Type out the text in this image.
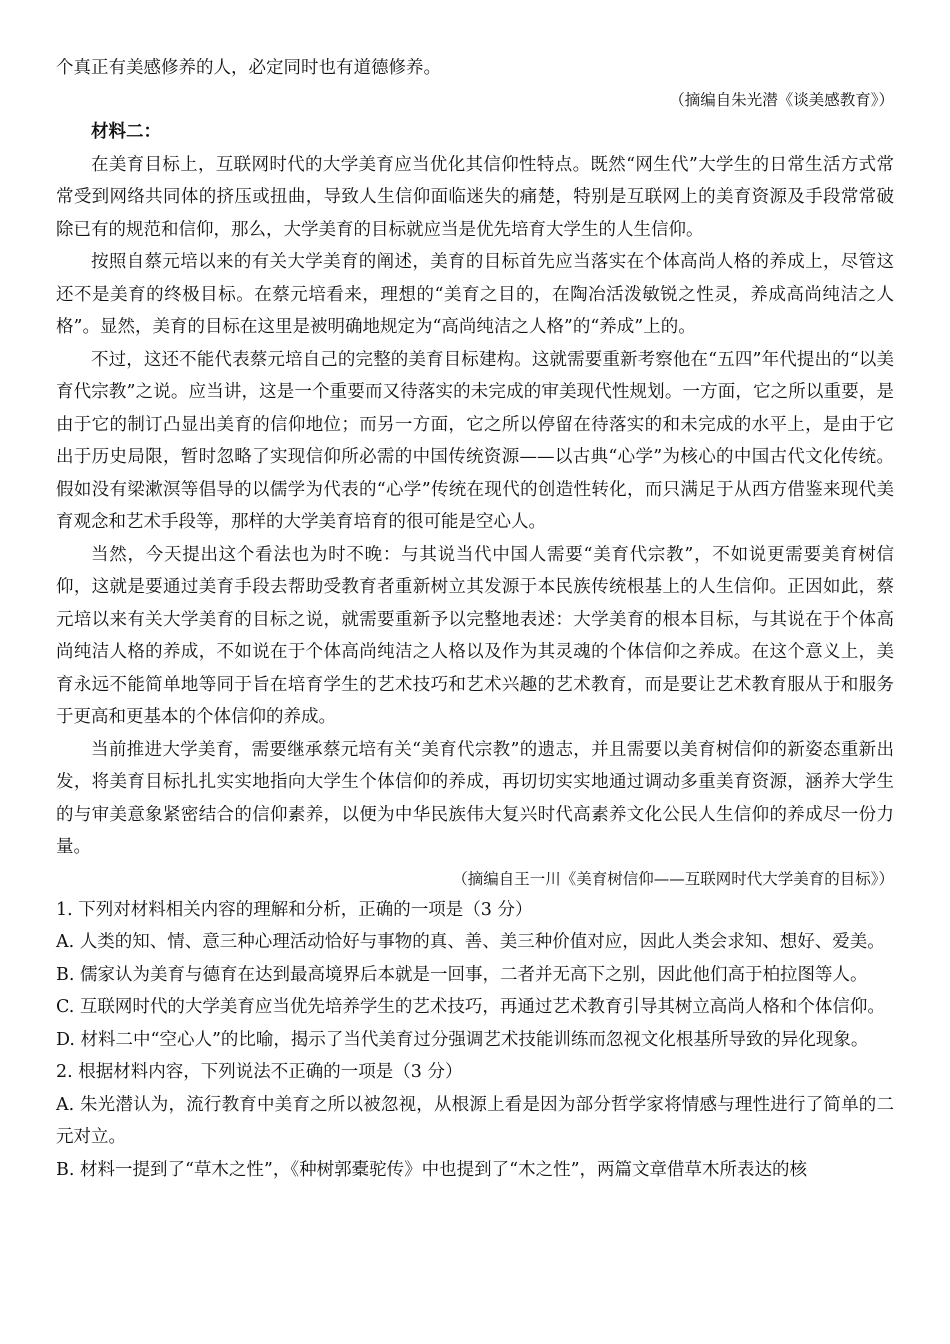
个真正有美感修养的人，必定同时也有道德修养。

（摘编自朱光潜《谈美感教育》）

材料二：

在美育目标上，互联网时代的大学美育应当优化其信仰性特点。既然“网生代”大学生的日常生活方式常常受到网络共同体的挤压或扭曲，导致人生信仰面临迷失的痛楚，特别是互联网上的美育资源及手段常常破除已有的规范和信仰，那么，大学美育的目标就应当是优先培育大学生的人生信仰。

按照自蔡元培以来的有关大学美育的阐述，美育的目标首先应当落实在个体高尚人格的养成上，尽管这还不是美育的终极目标。在蔡元培看来，理想的“美育之目的，在陶冶活泼敏锐之性灵，养成高尚纯洁之人格”。显然，美育的目标在这里是被明确地规定为“高尚纯洁之人格”的“养成”上的。

不过，这还不能代表蔡元培自己的完整的美育目标建构。这就需要重新考察他在“五四”年代提出的“以美育代宗教”之说。应当讲，这是一个重要而又待落实的未完成的审美现代性规划。一方面，它之所以重要，是由于它的制订凸显出美育的信仰地位；而另一方面，它之所以停留在待落实的和未完成的水平上，是由于它出于历史局限，暂时忽略了实现信仰所必需的中国传统资源——以古典“心学”为核心的中国古代文化传统。假如没有梁漱溟等倡导的以儒学为代表的“心学”传统在现代的创造性转化，而只满足于从西方借鉴来现代美育观念和艺术手段等，那样的大学美育培育的很可能是空心人。

当然，今天提出这个看法也为时不晚：与其说当代中国人需要“美育代宗教”，不如说更需要美育树信仰，这就是要通过美育手段去帮助受教育者重新树立其发源于本民族传统根基上的人生信仰。正因如此，蔡元培以来有关大学美育的目标之说，就需要重新予以完整地表述：大学美育的根本目标，与其说在于个体高尚纯洁人格的养成，不如说在于个体高尚纯洁之人格以及作为其灵魂的个体信仰之养成。在这个意义上，美育永远不能简单地等同于旨在培育学生的艺术技巧和艺术兴趣的艺术教育，而是要让艺术教育服从于和服务于更高和更基本的个体信仰的养成。

当前推进大学美育，需要继承蔡元培有关“美育代宗教”的遗志，并且需要以美育树信仰的新姿态重新出发，将美育目标扎扎实实地指向大学生个体信仰的养成，再切切实实地通过调动多重美育资源，涵养大学生的与审美意象紧密结合的信仰素养，以便为中华民族伟大复兴时代高素养文化公民人生信仰的养成尽一份力量。

（摘编自王一川《美育树信仰——互联网时代大学美育的目标》）

1. 下列对材料相关内容的理解和分析，正确的一项是（3 分）

A. 人类的知、情、意三种心理活动恰好与事物的真、善、美三种价值对应，因此人类会求知、想好、爱美。

B. 儒家认为美育与德育在达到最高境界后本就是一回事，二者并无高下之别，因此他们高于柏拉图等人。

C. 互联网时代的大学美育应当优先培养学生的艺术技巧，再通过艺术教育引导其树立高尚人格和个体信仰。

D. 材料二中“空心人”的比喻，揭示了当代美育过分强调艺术技能训练而忽视文化根基所导致的异化现象。

2. 根据材料内容，下列说法不正确的一项是（3 分）

A. 朱光潜认为，流行教育中美育之所以被忽视，从根源上看是因为部分哲学家将情感与理性进行了简单的二元对立。

B. 材料一提到了“草木之性”，《种树郭橐驼传》中也提到了“木之性”，两篇文章借草木所表达的核
